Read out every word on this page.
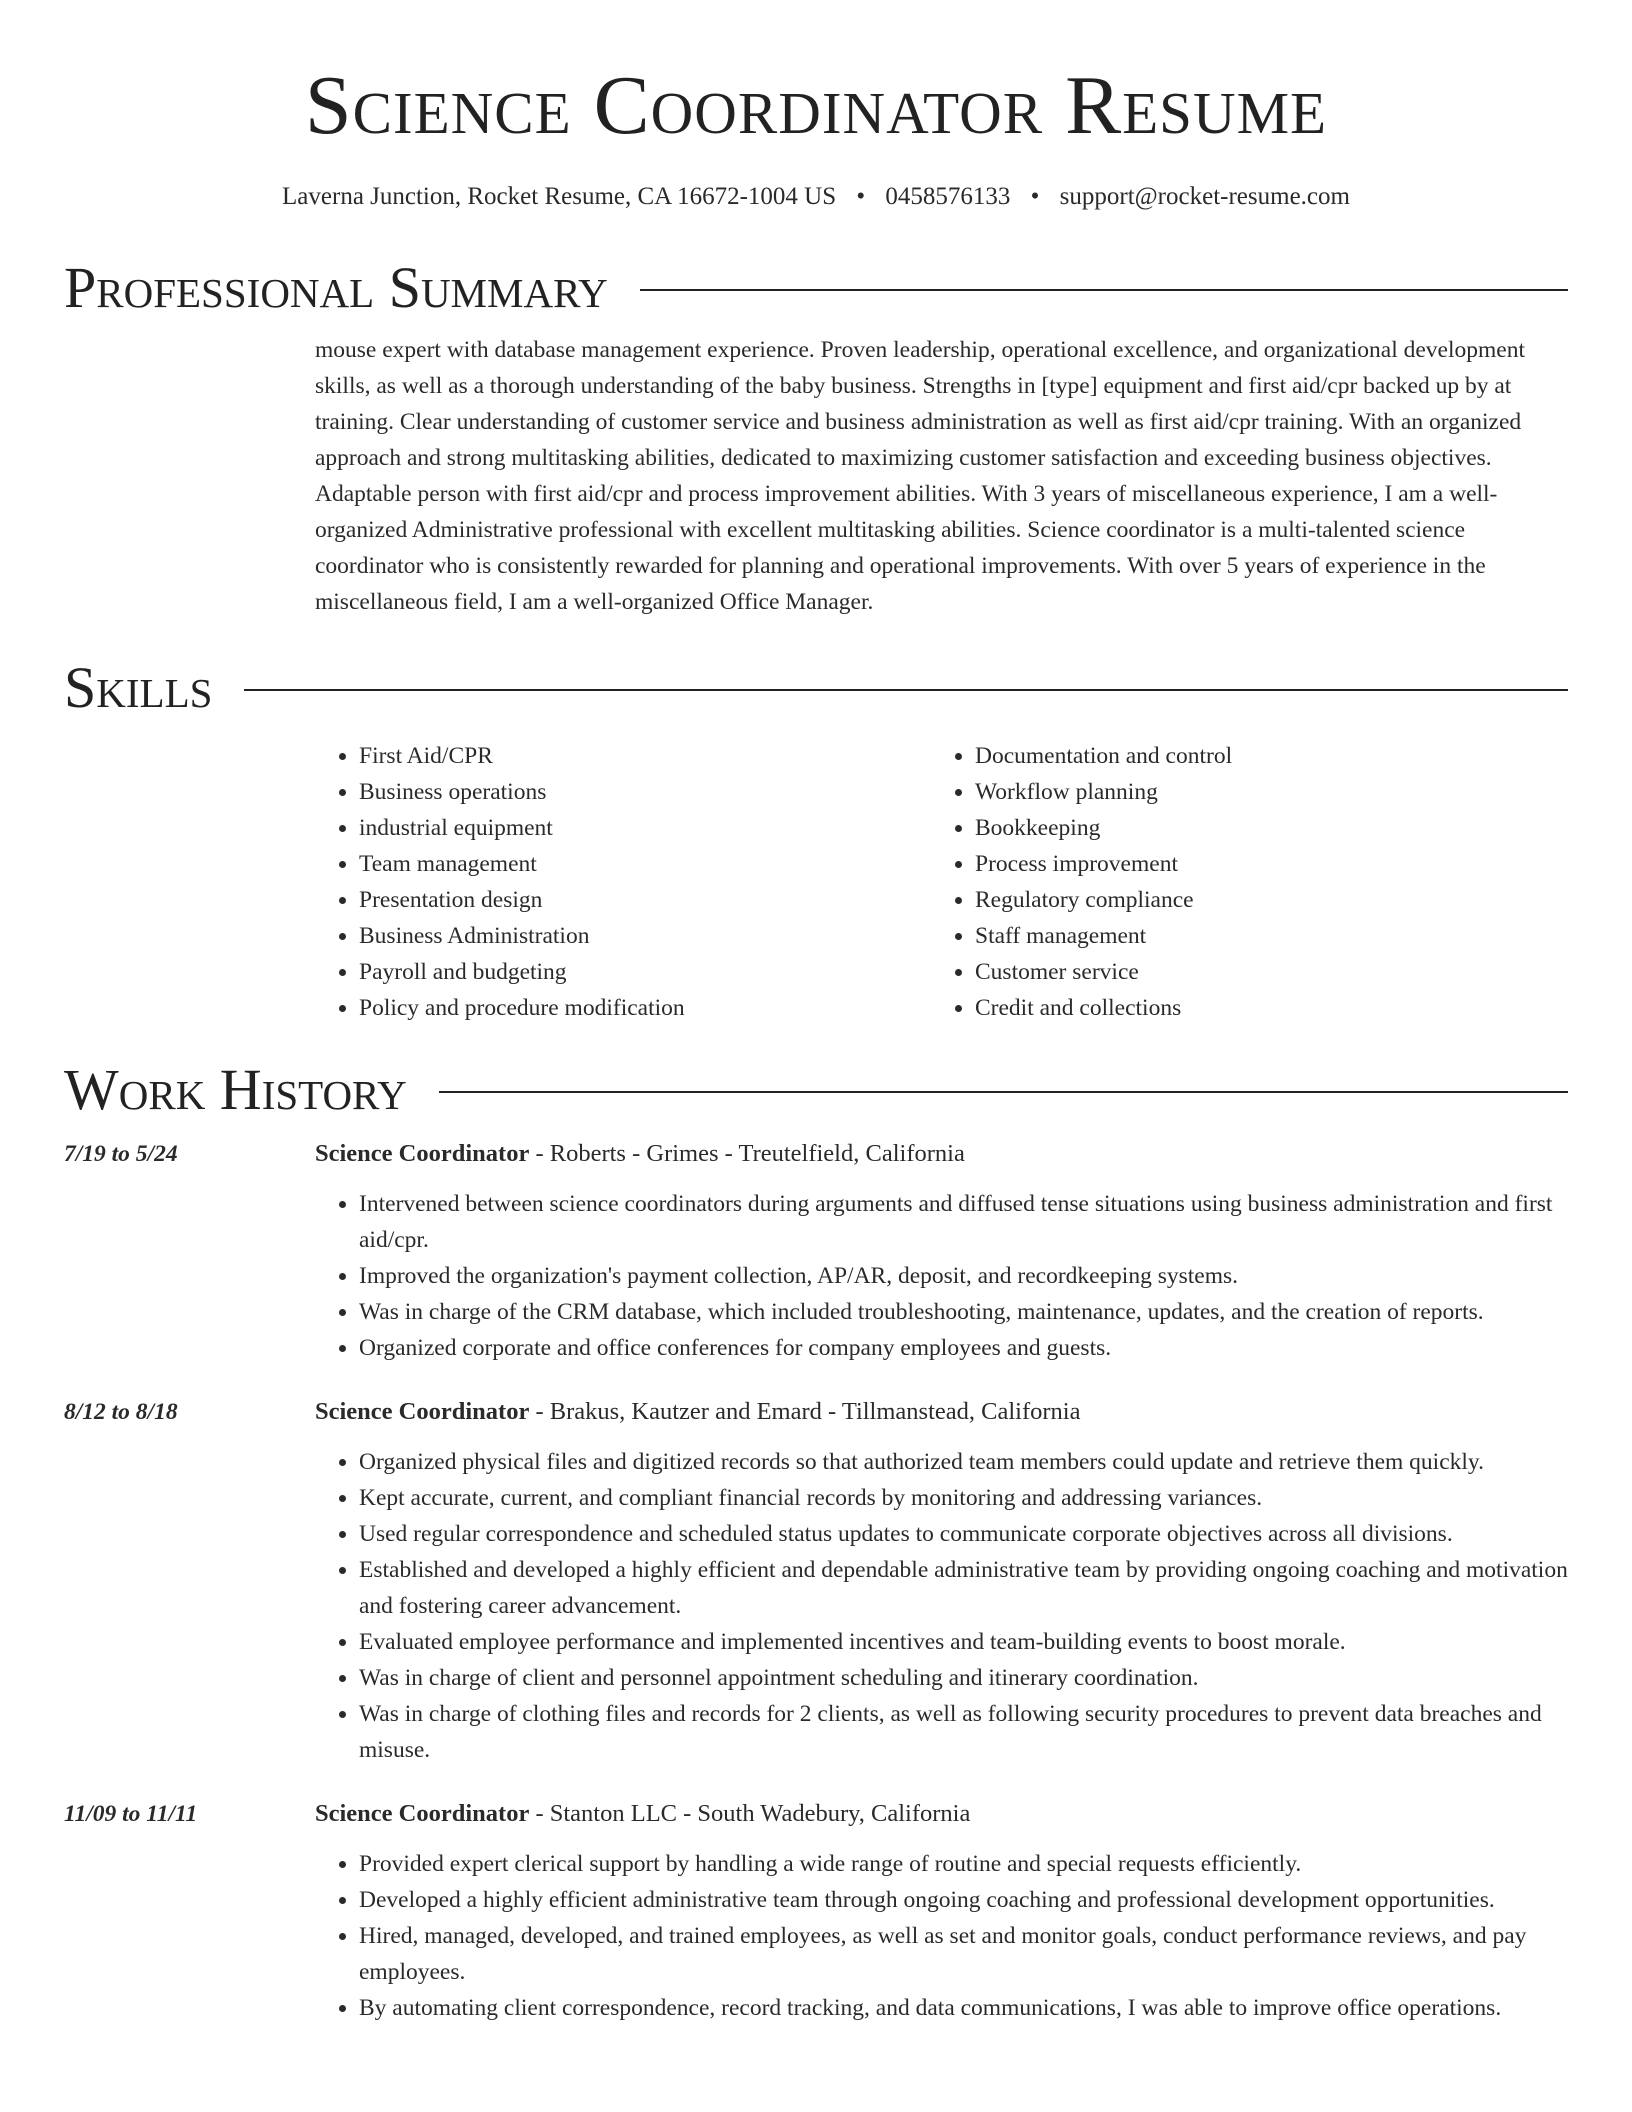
Science Coordinator Resume
Laverna Junction, Rocket Resume, CA 16672-1004 US • 0458576133 • support@rocket-resume.com
Professional Summary
mouse expert with database management experience. Proven leadership, operational excellence, and organizational development skills, as well as a thorough understanding of the baby business. Strengths in [type] equipment and first aid/cpr backed up by at training. Clear understanding of customer service and business administration as well as first aid/cpr training. With an organized approach and strong multitasking abilities, dedicated to maximizing customer satisfaction and exceeding business objectives. Adaptable person with first aid/cpr and process improvement abilities. With 3 years of miscellaneous experience, I am a well-organized Administrative professional with excellent multitasking abilities. Science coordinator is a multi-talented science coordinator who is consistently rewarded for planning and operational improvements. With over 5 years of experience in the miscellaneous field, I am a well-organized Office Manager.
Skills
• First Aid/CPR
• Business operations
• industrial equipment
• Team management
• Presentation design
• Business Administration
• Payroll and budgeting
• Policy and procedure modification
• Documentation and control
• Workflow planning
• Bookkeeping
• Process improvement
• Regulatory compliance
• Staff management
• Customer service
• Credit and collections
Work History
7/19 to 5/24	Science Coordinator - Roberts - Grimes - Treutelfield, California
• Intervened between science coordinators during arguments and diffused tense situations using business administration and first aid/cpr.
• Improved the organization's payment collection, AP/AR, deposit, and recordkeeping systems.
• Was in charge of the CRM database, which included troubleshooting, maintenance, updates, and the creation of reports.
• Organized corporate and office conferences for company employees and guests.
8/12 to 8/18	Science Coordinator - Brakus, Kautzer and Emard - Tillmanstead, California
• Organized physical files and digitized records so that authorized team members could update and retrieve them quickly.
• Kept accurate, current, and compliant financial records by monitoring and addressing variances.
• Used regular correspondence and scheduled status updates to communicate corporate objectives across all divisions.
• Established and developed a highly efficient and dependable administrative team by providing ongoing coaching and motivation and fostering career advancement.
• Evaluated employee performance and implemented incentives and team-building events to boost morale.
• Was in charge of client and personnel appointment scheduling and itinerary coordination.
• Was in charge of clothing files and records for 2 clients, as well as following security procedures to prevent data breaches and misuse.
11/09 to 11/11	Science Coordinator - Stanton LLC - South Wadebury, California
• Provided expert clerical support by handling a wide range of routine and special requests efficiently.
• Developed a highly efficient administrative team through ongoing coaching and professional development opportunities.
• Hired, managed, developed, and trained employees, as well as set and monitor goals, conduct performance reviews, and pay employees.
• By automating client correspondence, record tracking, and data communications, I was able to improve office operations.
